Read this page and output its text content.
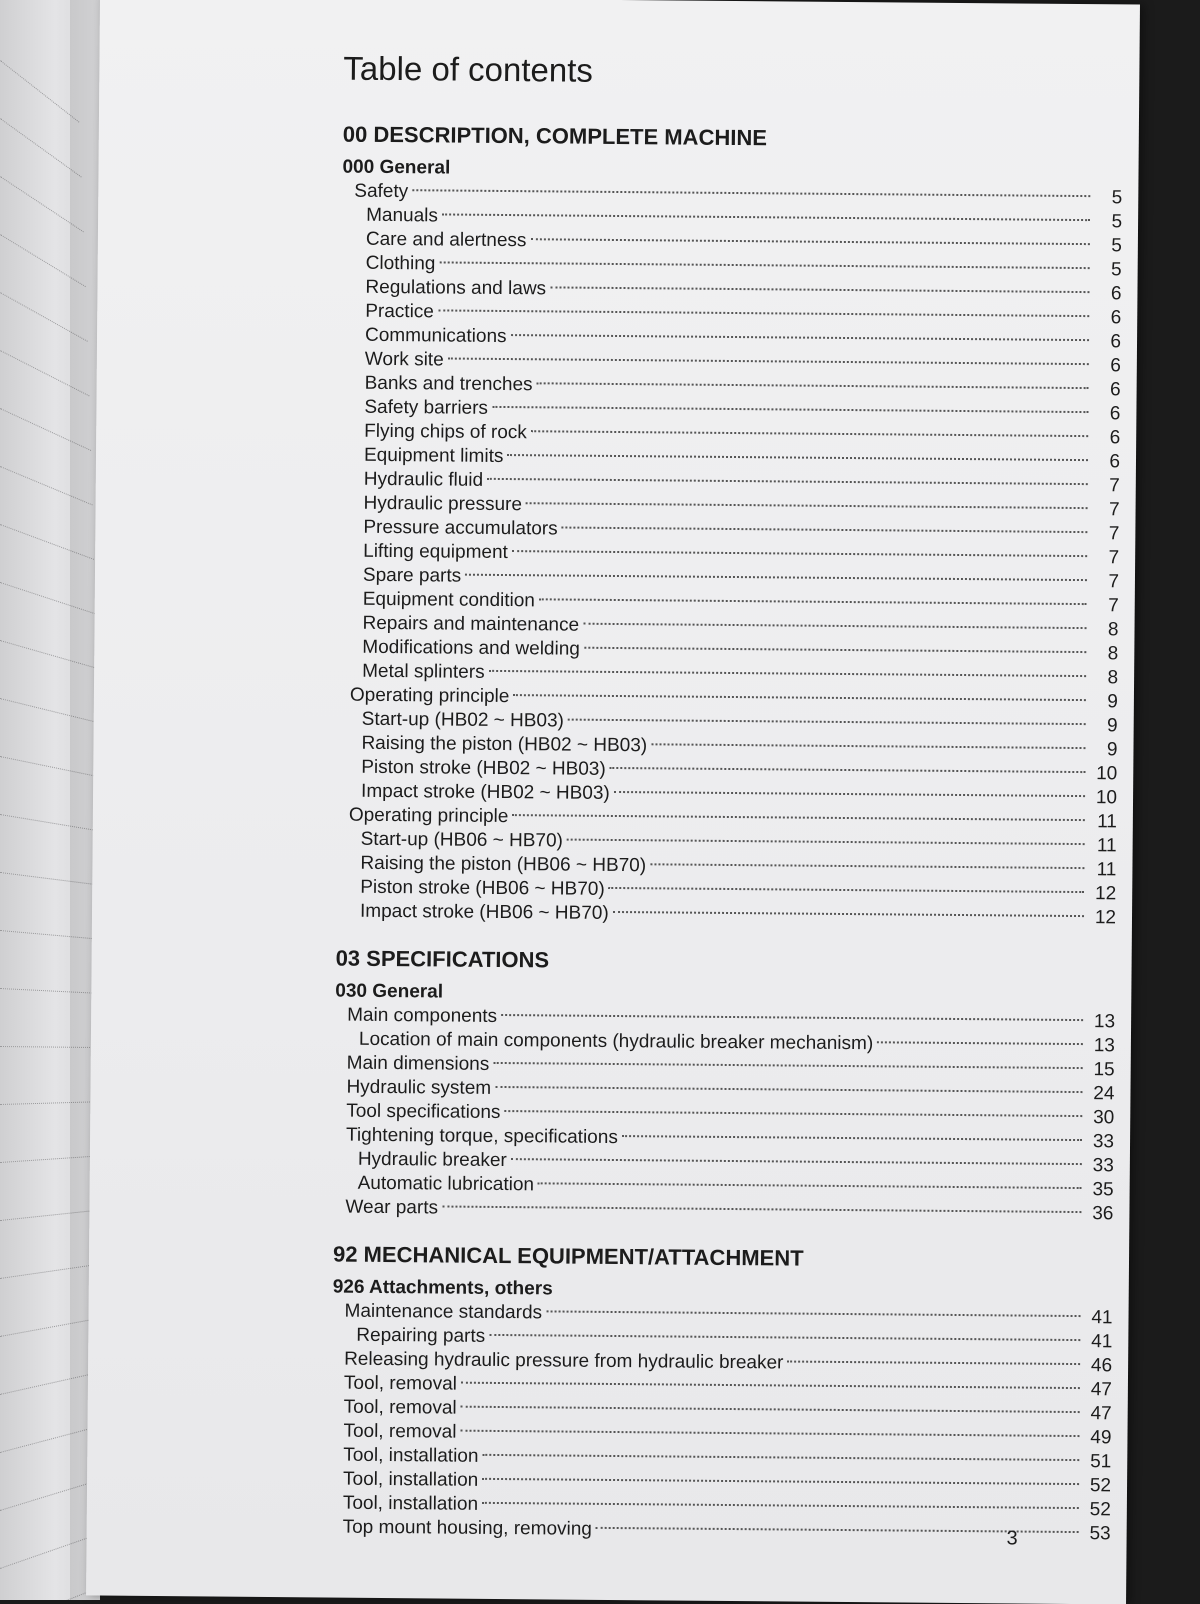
Table of contents
00 DESCRIPTION, COMPLETE MACHINE
000 General
Safety	5
Manuals	5
Care and alertness	5
Clothing	5
Regulations and laws	6
Practice	6
Communications	6
Work site	6
Banks and trenches	6
Safety barriers	6
Flying chips of rock	6
Equipment limits	6
Hydraulic fluid	7
Hydraulic pressure	7
Pressure accumulators	7
Lifting equipment	7
Spare parts	7
Equipment condition	7
Repairs and maintenance	8
Modifications and welding	8
Metal splinters	8
Operating principle	9
Start-up (HB02 ~ HB03)	9
Raising the piston (HB02 ~ HB03)	9
Piston stroke (HB02 ~ HB03)	10
Impact stroke (HB02 ~ HB03)	10
Operating principle	11
Start-up (HB06 ~ HB70)	11
Raising the piston (HB06 ~ HB70)	11
Piston stroke (HB06 ~ HB70)	12
Impact stroke (HB06 ~ HB70)	12
03 SPECIFICATIONS
030 General
Main components	13
Location of main components (hydraulic breaker mechanism)	13
Main dimensions	15
Hydraulic system	24
Tool specifications	30
Tightening torque, specifications	33
Hydraulic breaker	33
Automatic lubrication	35
Wear parts	36
92 MECHANICAL EQUIPMENT/ATTACHMENT
926 Attachments, others
Maintenance standards	41
Repairing parts	41
Releasing hydraulic pressure from hydraulic breaker	46
Tool, removal	47
Tool, removal	47
Tool, removal	49
Tool, installation	51
Tool, installation	52
Tool, installation	52
Top mount housing, removing	53
3
